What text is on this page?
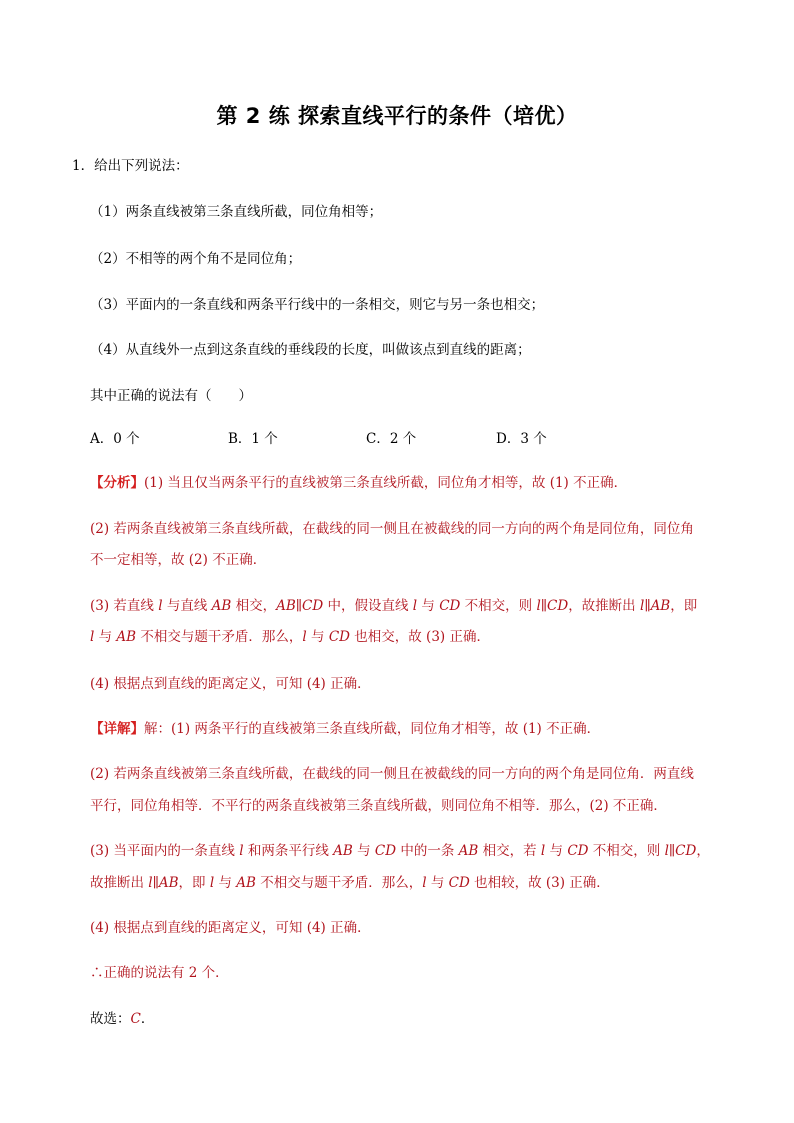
第 2 练 探索直线平行的条件（培优）
1．给出下列说法：
（1）两条直线被第三条直线所截，同位角相等；
（2）不相等的两个角不是同位角；
（3）平面内的一条直线和两条平行线中的一条相交，则它与另一条也相交；
（4）从直线外一点到这条直线的垂线段的长度，叫做该点到直线的距离；
其中正确的说法有（　　）
A．0 个	B．1 个	C．2 个	D．3 个
【分析】(1) 当且仅当两条平行的直线被第三条直线所截，同位角才相等，故 (1) 不正确．
(2) 若两条直线被第三条直线所截，在截线的同一侧且在被截线的同一方向的两个角是同位角，同位角
不一定相等，故 (2) 不正确．
(3) 若直线 l 与直线 AB 相交，AB∥CD 中，假设直线 l 与 CD 不相交，则 l∥CD，故推断出 l∥AB，即
l 与 AB 不相交与题干矛盾．那么，l 与 CD 也相交，故 (3) 正确．
(4) 根据点到直线的距离定义，可知 (4) 正确．
【详解】解：(1) 两条平行的直线被第三条直线所截，同位角才相等，故 (1) 不正确．
(2) 若两条直线被第三条直线所截，在截线的同一侧且在被截线的同一方向的两个角是同位角．两直线
平行，同位角相等．不平行的两条直线被第三条直线所截，则同位角不相等．那么，(2) 不正确．
(3) 当平面内的一条直线 l 和两条平行线 AB 与 CD 中的一条 AB 相交，若 l 与 CD 不相交，则 l∥CD，
故推断出 l∥AB，即 l 与 AB 不相交与题干矛盾．那么，l 与 CD 也相较，故 (3) 正确．
(4) 根据点到直线的距离定义，可知 (4) 正确．
∴正确的说法有 2 个．
故选：C．
